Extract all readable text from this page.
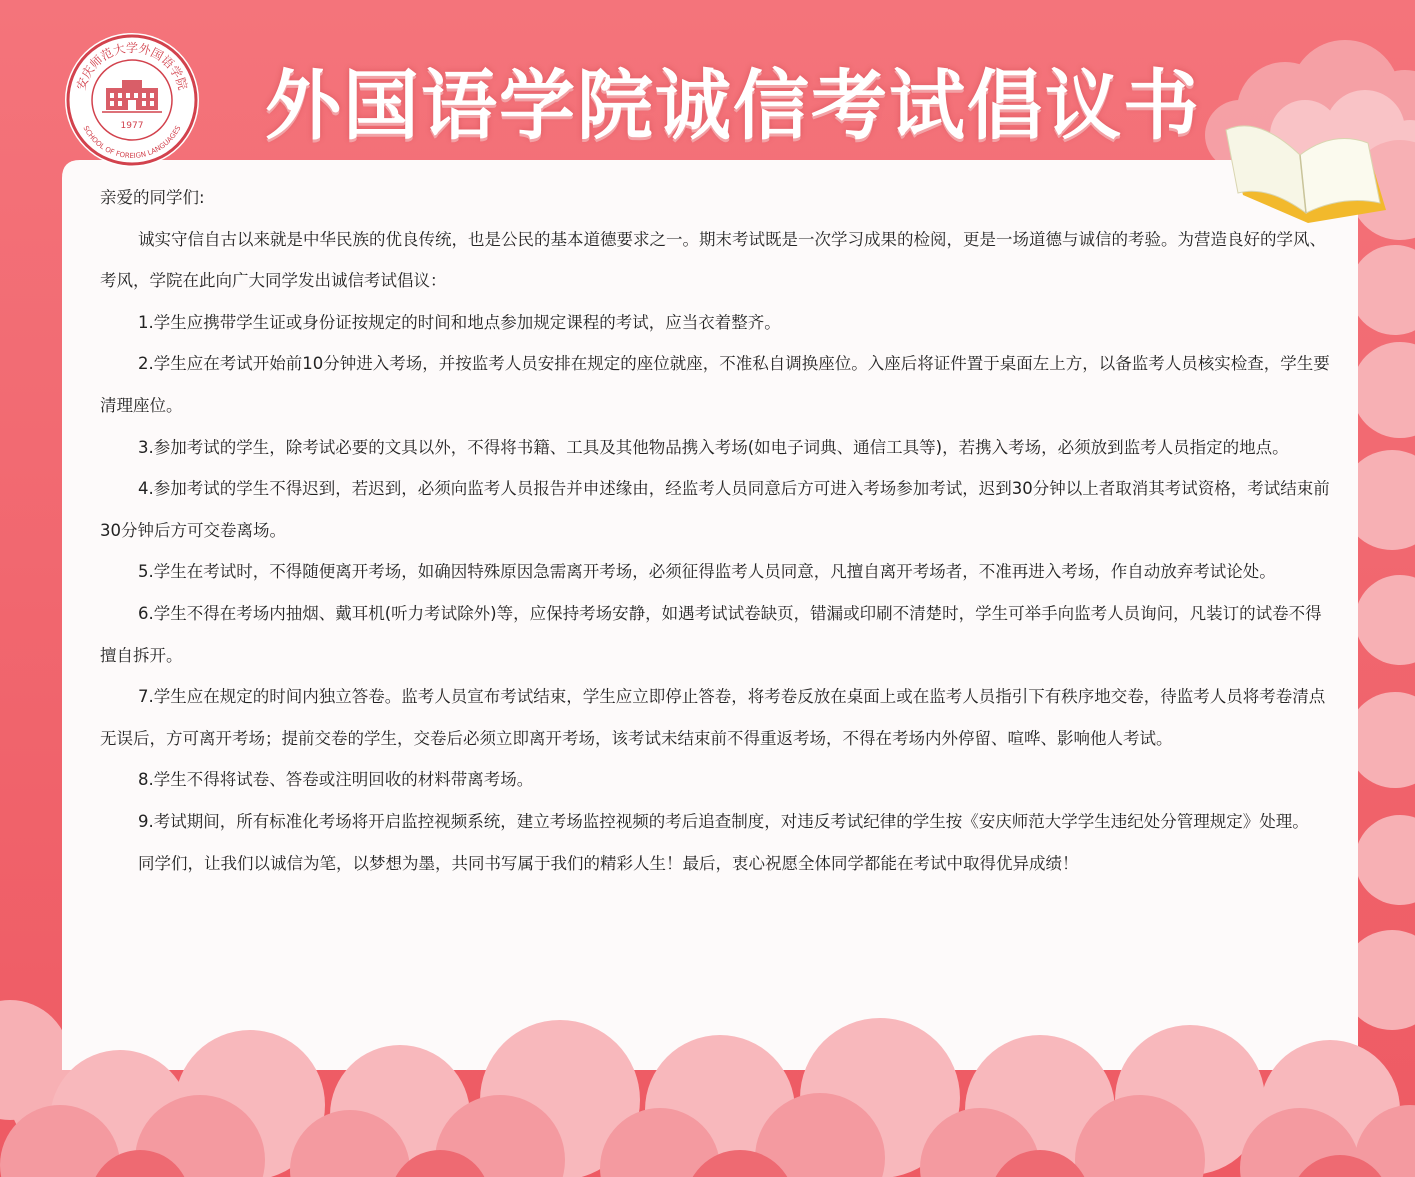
安庆师范大学外国语学院
SCHOOL OF FOREIGN LANGUAGES
1977	外国语学院诚信考试倡议书

亲爱的同学们:

诚实守信自古以来就是中华民族的优良传统，也是公民的基本道德要求之一。期末考试既是一次学习成果的检阅，更是一场道德与诚信的考验。为营造良好的学风、考风，学院在此向广大同学发出诚信考试倡议：

1.学生应携带学生证或身份证按规定的时间和地点参加规定课程的考试，应当衣着整齐。

2.学生应在考试开始前10分钟进入考场，并按监考人员安排在规定的座位就座，不准私自调换座位。入座后将证件置于桌面左上方，以备监考人员核实检查，学生要清理座位。

3.参加考试的学生，除考试必要的文具以外，不得将书籍、工具及其他物品携入考场(如电子词典、通信工具等)，若携入考场，必须放到监考人员指定的地点。

4.参加考试的学生不得迟到，若迟到，必须向监考人员报告并申述缘由，经监考人员同意后方可进入考场参加考试，迟到30分钟以上者取消其考试资格，考试结束前30分钟后方可交卷离场。

5.学生在考试时，不得随便离开考场，如确因特殊原因急需离开考场，必须征得监考人员同意，凡擅自离开考场者，不准再进入考场，作自动放弃考试论处。

6.学生不得在考场内抽烟、戴耳机(听力考试除外)等，应保持考场安静，如遇考试试卷缺页，错漏或印刷不清楚时，学生可举手向监考人员询问，凡装订的试卷不得擅自拆开。

7.学生应在规定的时间内独立答卷。监考人员宣布考试结束，学生应立即停止答卷，将考卷反放在桌面上或在监考人员指引下有秩序地交卷，待监考人员将考卷清点无误后，方可离开考场；提前交卷的学生，交卷后必须立即离开考场，该考试未结束前不得重返考场，不得在考场内外停留、喧哗、影响他人考试。

8.学生不得将试卷、答卷或注明回收的材料带离考场。

9.考试期间，所有标准化考场将开启监控视频系统，建立考场监控视频的考后追查制度，对违反考试纪律的学生按《安庆师范大学学生违纪处分管理规定》处理。

同学们，让我们以诚信为笔，以梦想为墨，共同书写属于我们的精彩人生！最后，衷心祝愿全体同学都能在考试中取得优异成绩！
